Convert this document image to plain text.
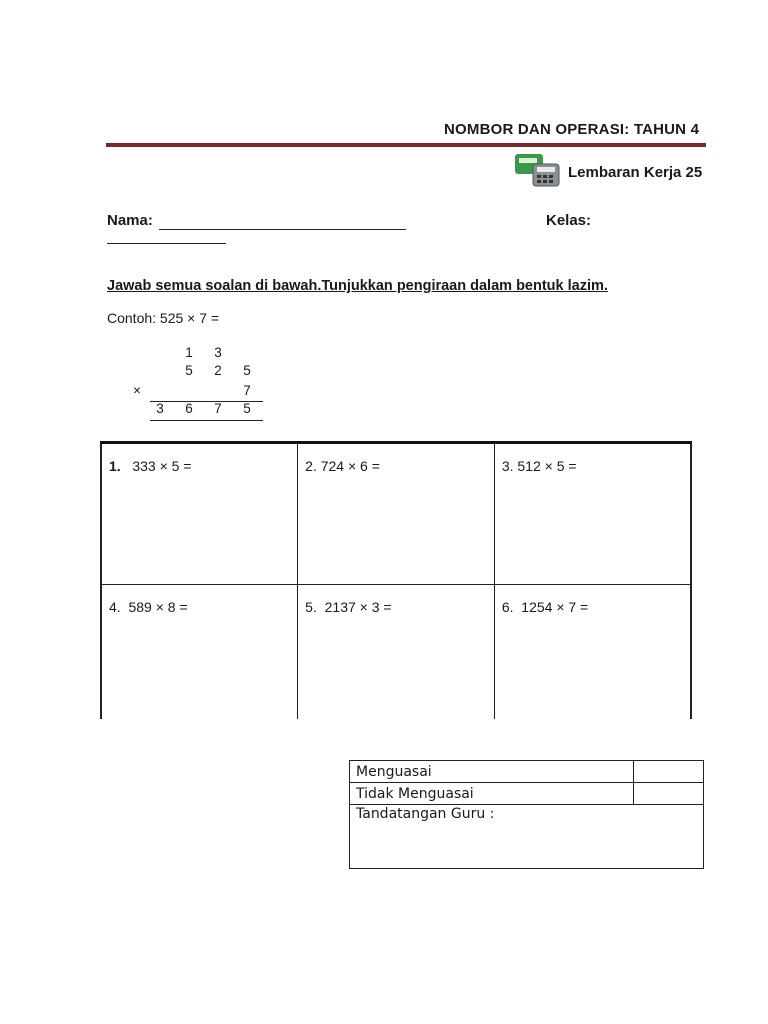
NOMBOR DAN OPERASI: TAHUN 4
Lembaran Kerja 25
Nama:	Kelas:
Jawab semua soalan di bawah.Tunjukkan pengiraan dalam bentuk lazim.
Contoh: 525 × 7 =
1	3
5	2	5
×	7
3	6	7	5
1. 333 × 5 =	2. 724 × 6 =	3. 512 × 5 =
4. 589 × 8 =	5. 2137 × 3 =	6. 1254 × 7 =
Menguasai	
Tidak Menguasai	
Tandatangan Guru :	
